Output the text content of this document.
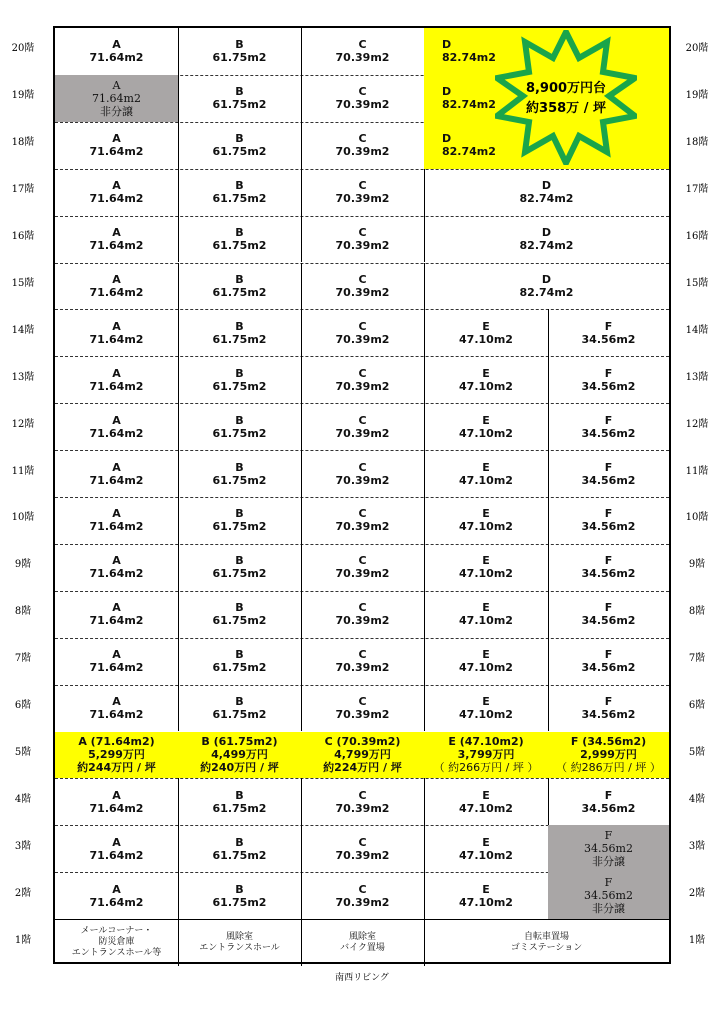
20階
19階
18階
17階
16階
15階
14階
13階
12階
11階
10階
9階
8階
7階
6階
5階
4階
3階
2階
1階
20階
19階
18階
17階
16階
15階
14階
13階
12階
11階
10階
9階
8階
7階
6階
5階
4階
3階
2階
1階
A
71.64m2
B
61.75m2
C
70.39m2
D
82.74m2
A
71.64m2
非分譲
B
61.75m2
C
70.39m2
D
82.74m2
A
71.64m2
B
61.75m2
C
70.39m2
D
82.74m2
A
71.64m2
B
61.75m2
C
70.39m2
D
82.74m2
A
71.64m2
B
61.75m2
C
70.39m2
D
82.74m2
A
71.64m2
B
61.75m2
C
70.39m2
D
82.74m2
A
71.64m2
B
61.75m2
C
70.39m2
E
47.10m2
F
34.56m2
A
71.64m2
B
61.75m2
C
70.39m2
E
47.10m2
F
34.56m2
A
71.64m2
B
61.75m2
C
70.39m2
E
47.10m2
F
34.56m2
A
71.64m2
B
61.75m2
C
70.39m2
E
47.10m2
F
34.56m2
A
71.64m2
B
61.75m2
C
70.39m2
E
47.10m2
F
34.56m2
A
71.64m2
B
61.75m2
C
70.39m2
E
47.10m2
F
34.56m2
A
71.64m2
B
61.75m2
C
70.39m2
E
47.10m2
F
34.56m2
A
71.64m2
B
61.75m2
C
70.39m2
E
47.10m2
F
34.56m2
A
71.64m2
B
61.75m2
C
70.39m2
E
47.10m2
F
34.56m2
A (71.64m2)
5,299万円
約244万円 / 坪
B (61.75m2)
4,499万円
約240万円 / 坪
C (70.39m2)
4,799万円
約224万円 / 坪
E (47.10m2)
3,799万円
（ 約266万円 / 坪 ）
F (34.56m2)
2,999万円
（ 約286万円 / 坪 ）
A
71.64m2
B
61.75m2
C
70.39m2
E
47.10m2
F
34.56m2
A
71.64m2
B
61.75m2
C
70.39m2
E
47.10m2
F
34.56m2
非分譲
A
71.64m2
B
61.75m2
C
70.39m2
E
47.10m2
F
34.56m2
非分譲
メールコーナー・
防災倉庫
エントランスホール等
風除室
エントランスホール
風除室
バイク置場
自転車置場
ゴミステーション
8,900万円台
約358万 / 坪
南西リビング
